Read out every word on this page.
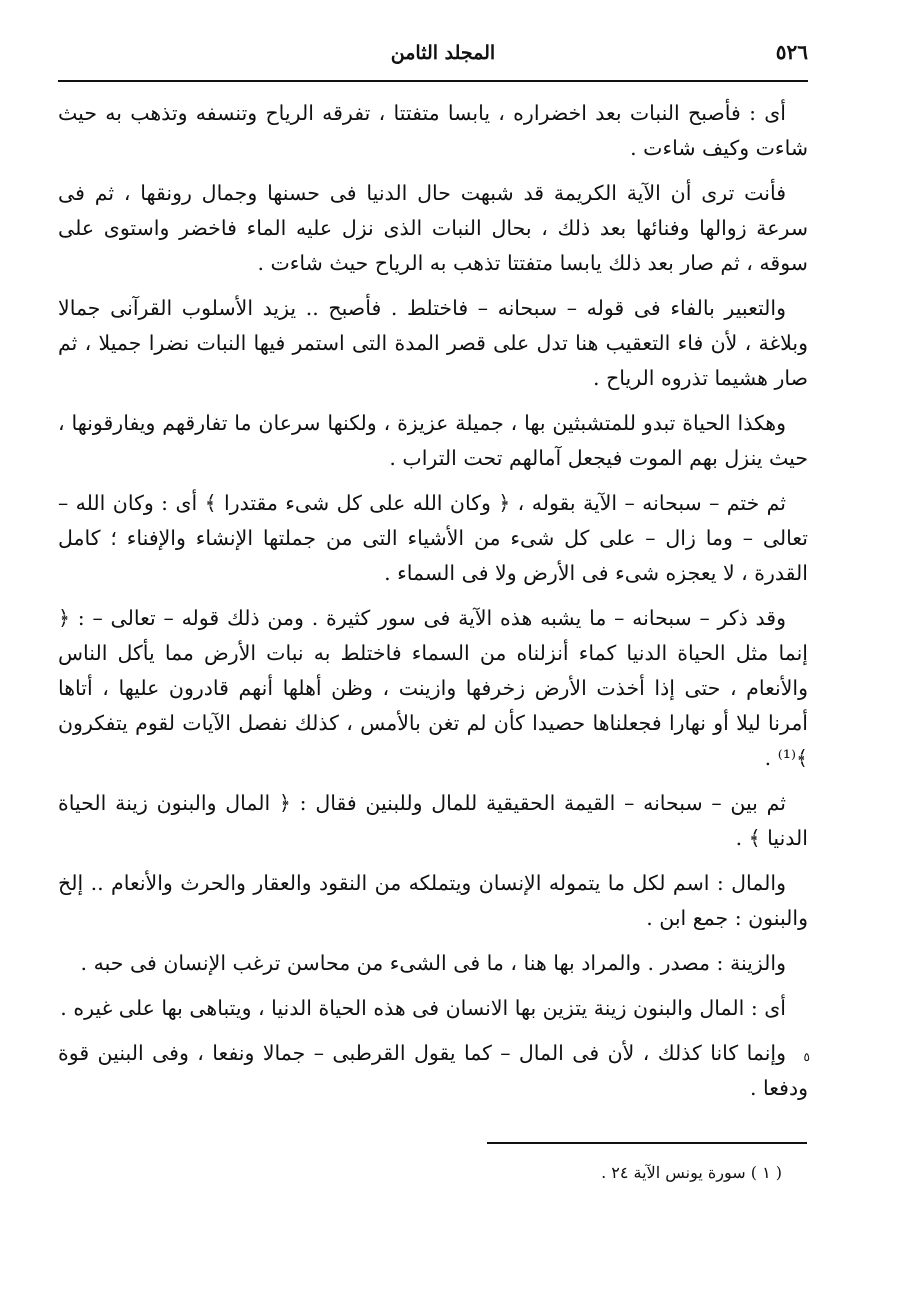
٥٢٦
المجلد الثامن

أى : فأصبح النبات بعد اخضراره ، يابسا متفتتا ، تفرقه الرياح وتنسفه وتذهب به حيث شاءت وكيف شاءت .

فأنت ترى أن الآية الكريمة قد شبهت حال الدنيا فى حسنها وجمال رونقها ، ثم فى سرعة زوالها وفنائها بعد ذلك ، بحال النبات الذى نزل عليه الماء فاخضر واستوى على سوقه ، ثم صار بعد ذلك يابسا متفتتا تذهب به الرياح حيث شاءت .

والتعبير بالفاء فى قوله – سبحانه – فاختلط . فأصبح .. يزيد الأسلوب القرآنى جمالا وبلاغة ، لأن فاء التعقيب هنا تدل على قصر المدة التى استمر فيها النبات نضرا جميلا ، ثم صار هشيما تذروه الرياح .

وهكذا الحياة تبدو للمتشبثين بها ، جميلة عزيزة ، ولكنها سرعان ما تفارقهم ويفارقونها ، حيث ينزل بهم الموت فيجعل آمالهم تحت التراب .

ثم ختم – سبحانه – الآية بقوله ، ﴿ وكان الله على كل شىء مقتدرا ﴾ أى : وكان الله – تعالى – وما زال – على كل شىء من الأشياء التى من جملتها الإنشاء والإفناء ؛ كامل القدرة ، لا يعجزه شىء فى الأرض ولا فى السماء .

وقد ذكر – سبحانه – ما يشبه هذه الآية فى سور كثيرة . ومن ذلك قوله – تعالى – : ﴿ إنما مثل الحياة الدنيا كماء أنزلناه من السماء فاختلط به نبات الأرض مما يأكل الناس والأنعام ، حتى إذا أخذت الأرض زخرفها وازينت ، وظن أهلها أنهم قادرون عليها ، أتاها أمرنا ليلا أو نهارا فجعلناها حصيدا كأن لم تغن بالأمس ، كذلك نفصل الآيات لقوم يتفكرون ﴾⁽¹⁾ .

ثم بين – سبحانه – القيمة الحقيقية للمال وللبنين فقال : ﴿ المال والبنون زينة الحياة الدنيا ﴾ .

والمال : اسم لكل ما يتموله الإنسان ويتملكه من النقود والعقار والحرث والأنعام .. إلخ والبنون : جمع ابن .

والزينة : مصدر . والمراد بها هنا ، ما فى الشىء من محاسن ترغب الإنسان فى حبه .

أى : المال والبنون زينة يتزين بها الانسان فى هذه الحياة الدنيا ، ويتباهى بها على غيره .

وإنما كانا كذلك ، لأن فى المال – كما يقول القرطبى – جمالا ونفعا ، وفى البنين قوة ودفعا .
٥
( ١ ) سورة يونس الآية ٢٤ .
